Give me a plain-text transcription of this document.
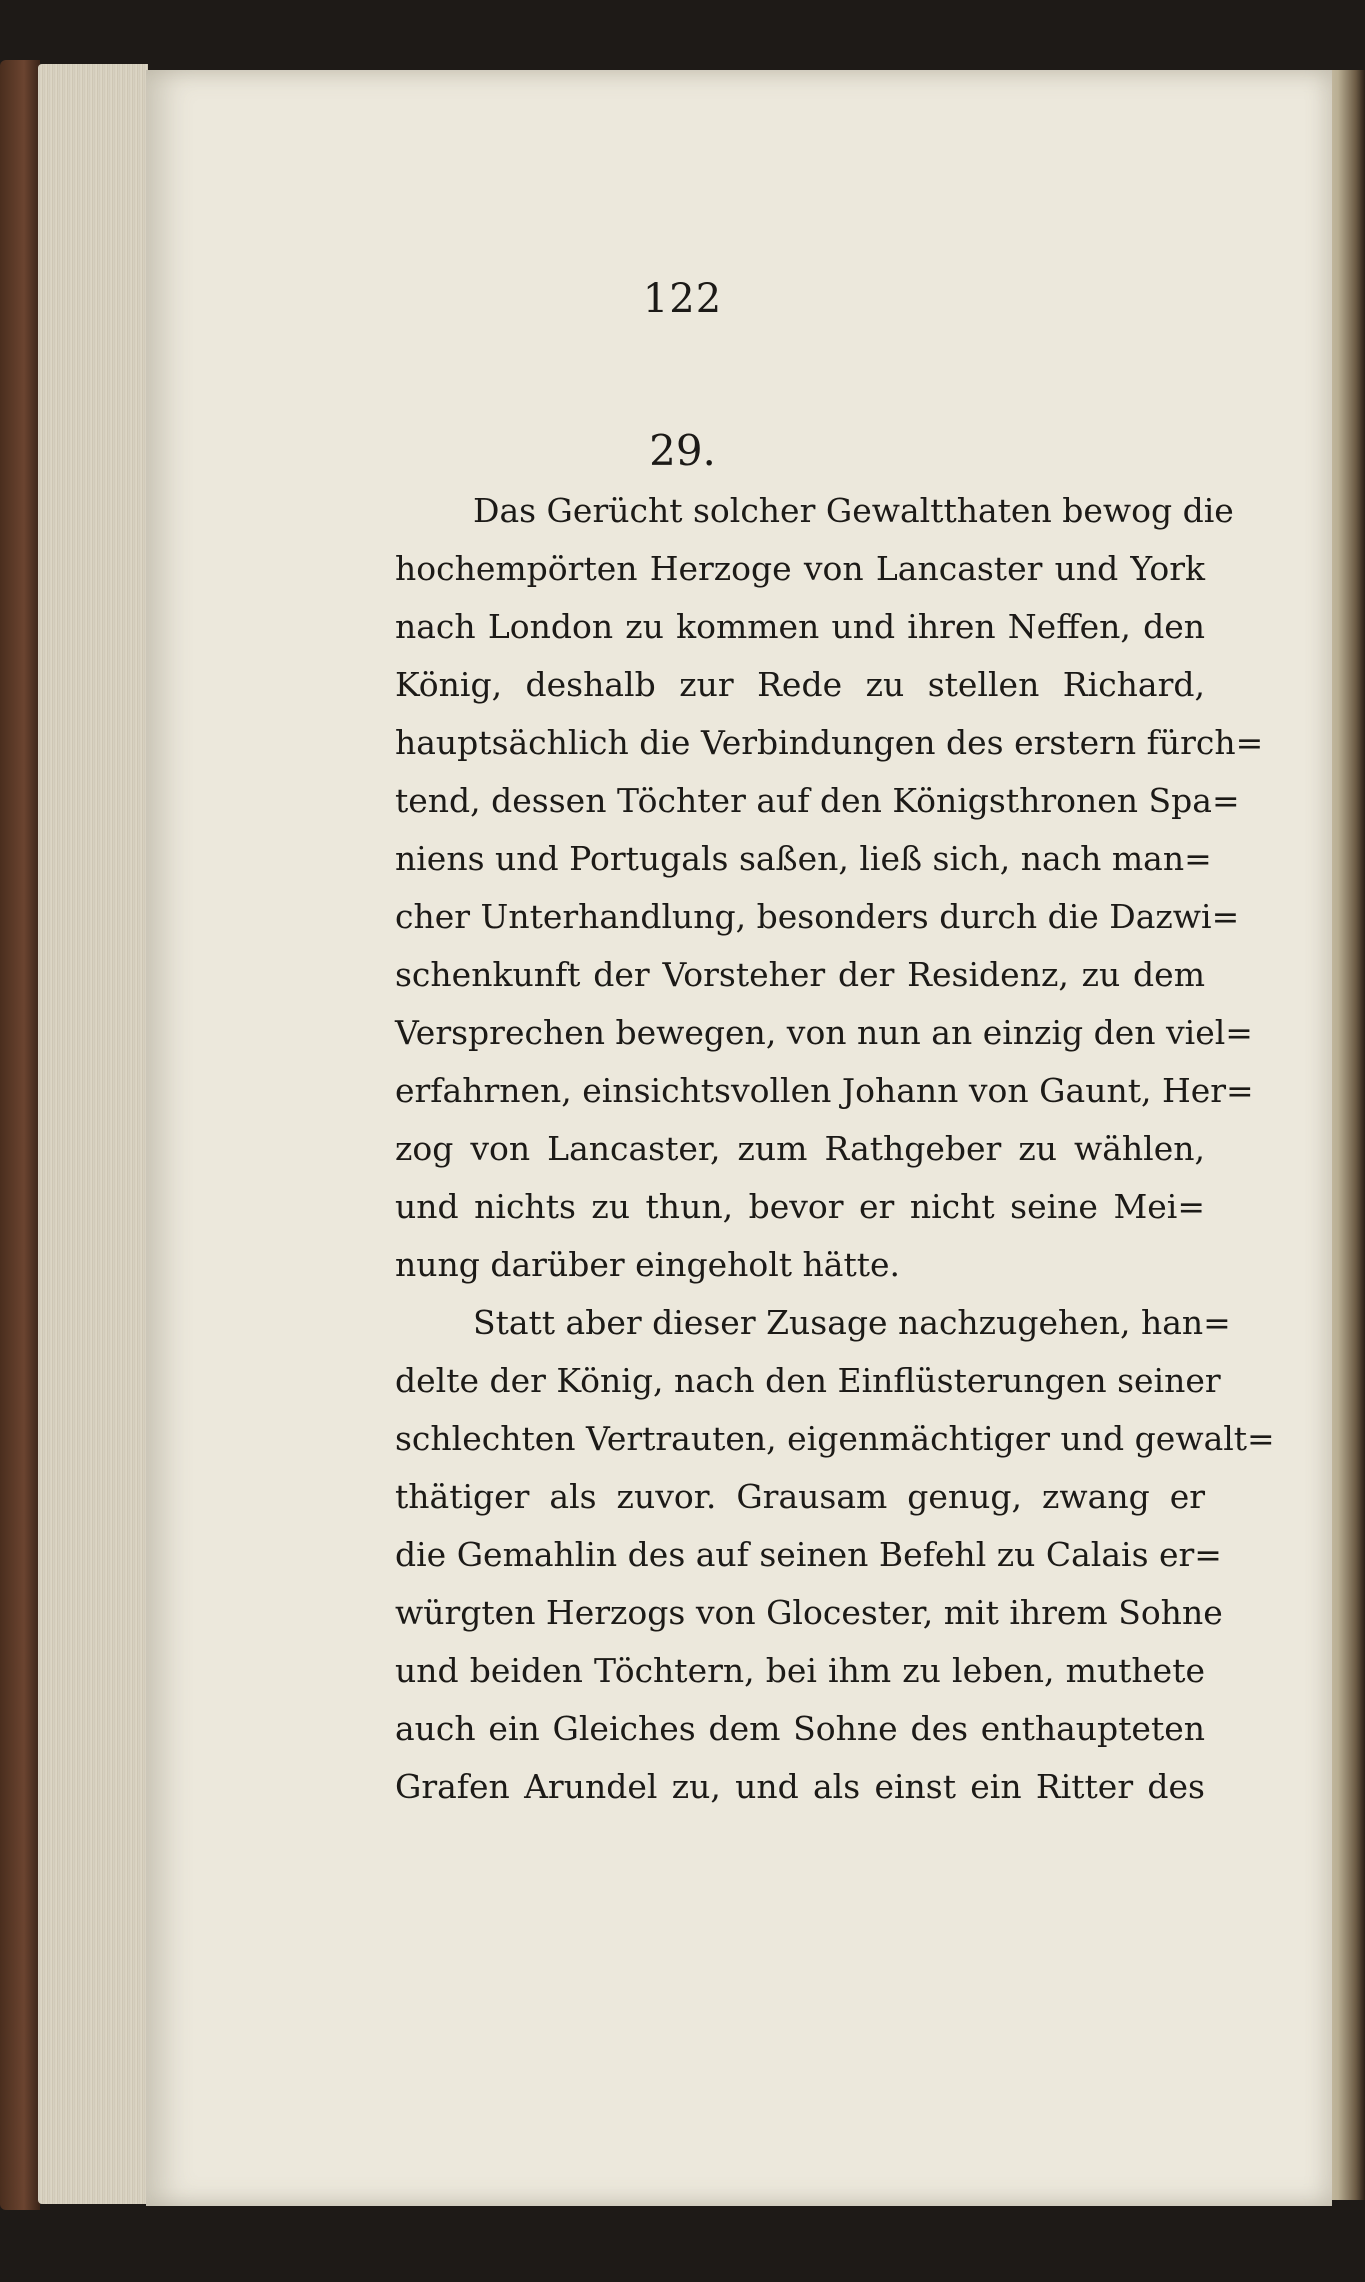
122
29.
Das Gerücht solcher Gewaltthaten bewog die
hochempörten Herzoge von Lancaster und York
nach London zu kommen und ihren Neffen, den
König, deshalb zur Rede zu stellen Richard,
hauptsächlich die Verbindungen des erstern fürch=
tend, dessen Töchter auf den Königsthronen Spa=
niens und Portugals saßen, ließ sich, nach man=
cher Unterhandlung, besonders durch die Dazwi=
schenkunft der Vorsteher der Residenz, zu dem
Versprechen bewegen, von nun an einzig den viel=
erfahrnen, einsichtsvollen Johann von Gaunt, Her=
zog von Lancaster, zum Rathgeber zu wählen,
und nichts zu thun, bevor er nicht seine Mei=
nung darüber eingeholt hätte.
Statt aber dieser Zusage nachzugehen, han=
delte der König, nach den Einflüsterungen seiner
schlechten Vertrauten, eigenmächtiger und gewalt=
thätiger als zuvor. Grausam genug, zwang er
die Gemahlin des auf seinen Befehl zu Calais er=
würgten Herzogs von Glocester, mit ihrem Sohne
und beiden Töchtern, bei ihm zu leben, muthete
auch ein Gleiches dem Sohne des enthaupteten
Grafen Arundel zu, und als einst ein Ritter des
